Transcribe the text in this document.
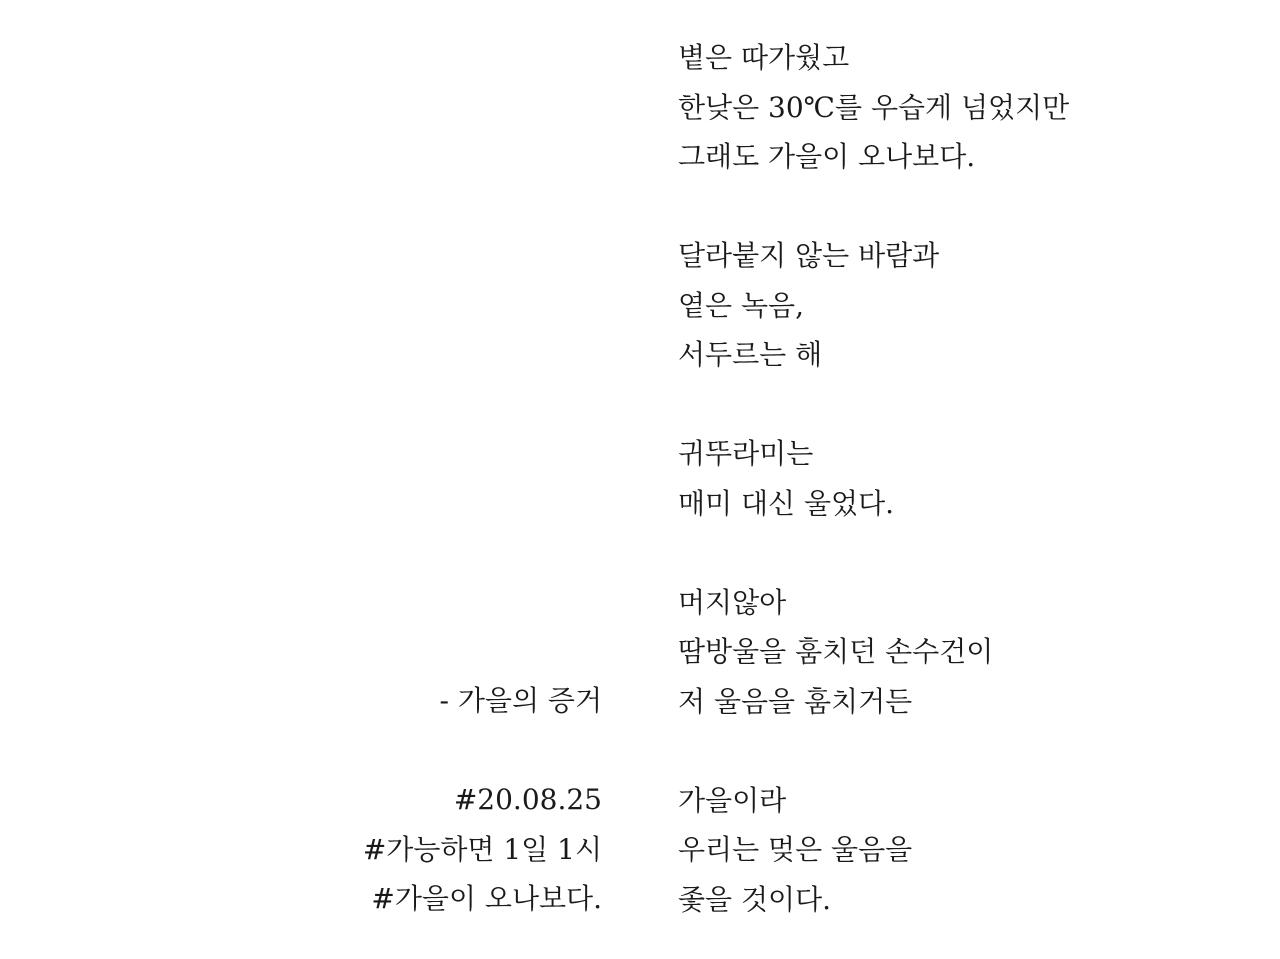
볕은 따가웠고
한낮은 30℃를 우습게 넘었지만
그래도 가을이 오나보다.
달라붙지 않는 바람과
옅은 녹음,
서두르는 해
귀뚜라미는
매미 대신 울었다.
머지않아
땀방울을 훔치던 손수건이
저 울음을 훔치거든
가을이라
우리는 멎은 울음을
좇을 것이다.
- 가을의 증거
#20.08.25
#가능하면 1일 1시
#가을이 오나보다.
